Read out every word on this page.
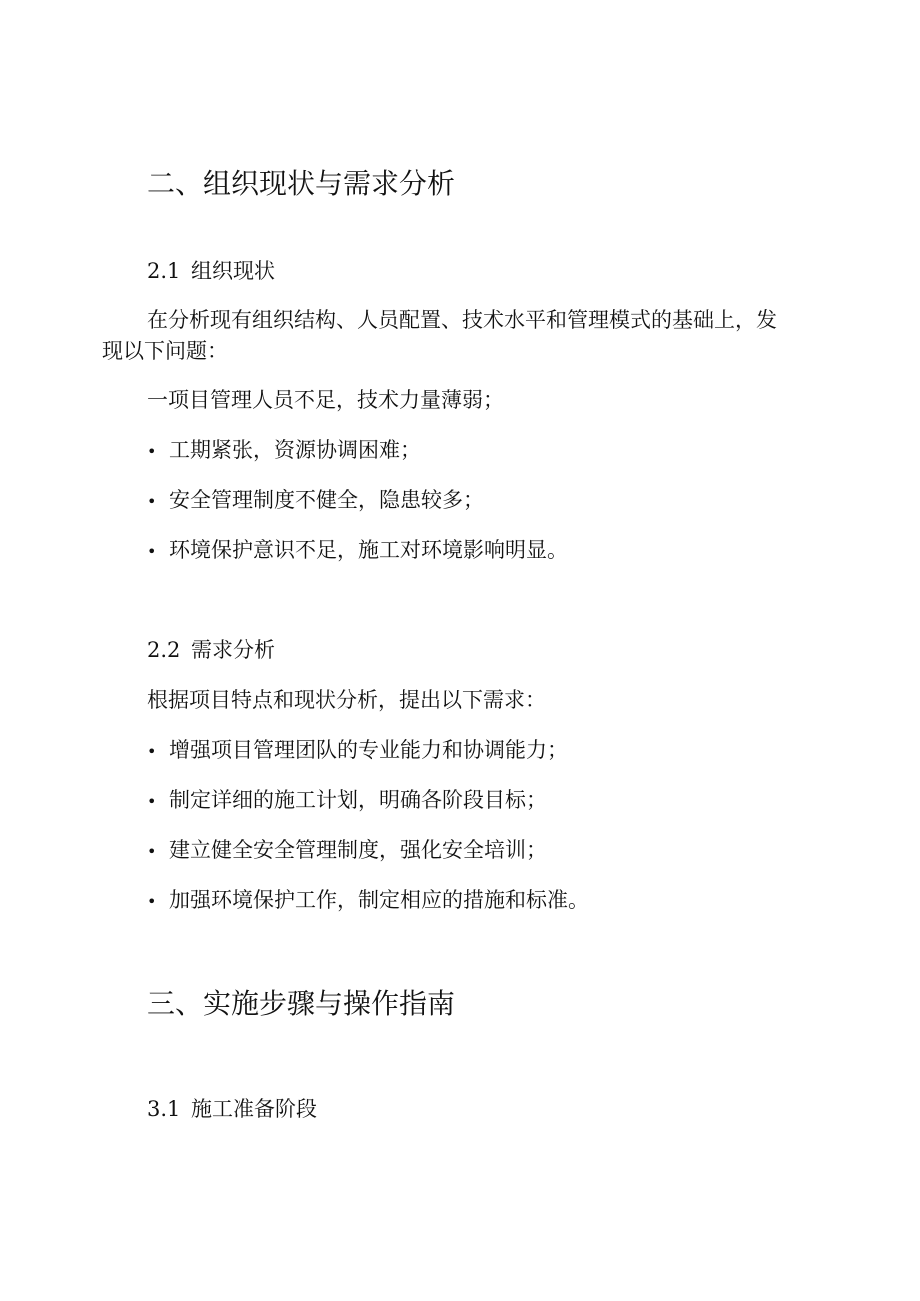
二、组织现状与需求分析
2.1 组织现状

在分析现有组织结构、人员配置、技术水平和管理模式的基础上，发现以下问题：

一项目管理人员不足，技术力量薄弱；
• 工期紧张，资源协调困难；
• 安全管理制度不健全，隐患较多；
• 环境保护意识不足，施工对环境影响明显。
2.2 需求分析
根据项目特点和现状分析，提出以下需求：
• 增强项目管理团队的专业能力和协调能力；
• 制定详细的施工计划，明确各阶段目标；
• 建立健全安全管理制度，强化安全培训；
• 加强环境保护工作，制定相应的措施和标准。
三、实施步骤与操作指南
3.1 施工准备阶段
